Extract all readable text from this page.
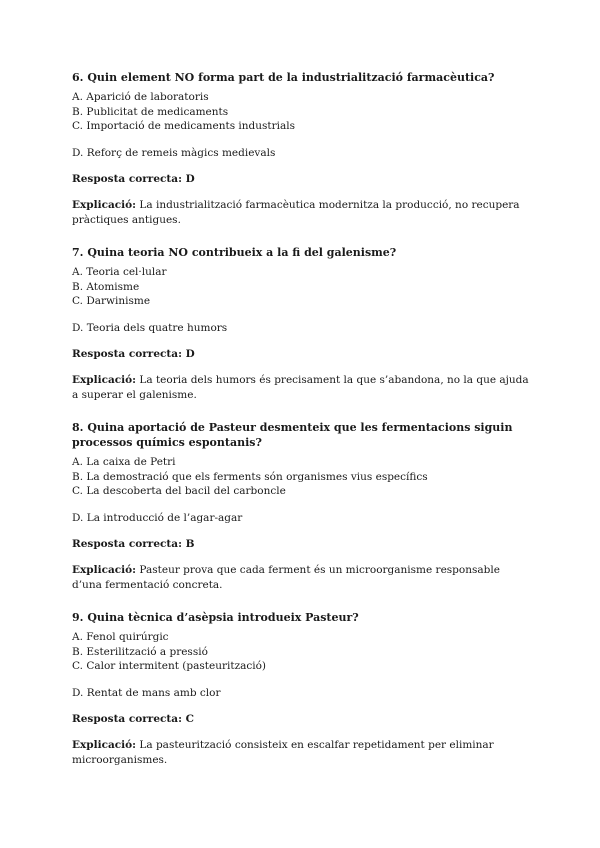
6. Quin element NO forma part de la industrialització farmacèutica?

A. Aparició de laboratoris

B. Publicitat de medicaments

C. Importació de medicaments industrials

D. Reforç de remeis màgics medievals

Resposta correcta: D

Explicació: La industrialització farmacèutica modernitza la producció, no recupera pràctiques antigues.

7. Quina teoria NO contribueix a la fi del galenisme?

A. Teoria cel·lular

B. Atomisme

C. Darwinisme

D. Teoria dels quatre humors

Resposta correcta: D

Explicació: La teoria dels humors és precisament la que s’abandona, no la que ajuda a superar el galenisme.

8. Quina aportació de Pasteur desmenteix que les fermentacions siguin processos químics espontanis?

A. La caixa de Petri

B. La demostració que els ferments són organismes vius específics

C. La descoberta del bacil del carboncle

D. La introducció de l’agar-agar

Resposta correcta: B

Explicació: Pasteur prova que cada ferment és un microorganisme responsable d’una fermentació concreta.

9. Quina tècnica d’asèpsia introdueix Pasteur?

A. Fenol quirúrgic

B. Esterilització a pressió

C. Calor intermitent (pasteurització)

D. Rentat de mans amb clor

Resposta correcta: C

Explicació: La pasteurització consisteix en escalfar repetidament per eliminar microorganismes.
